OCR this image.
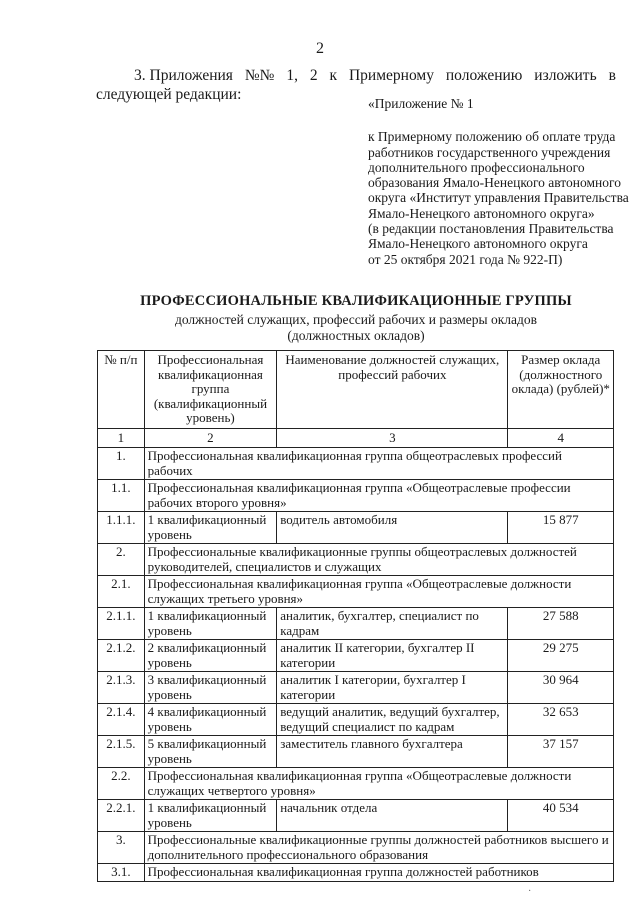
2
3. Приложения №№ 1, 2 к Примерному положению изложить в
следующей редакции:
«Приложение № 1
к Примерному положению об оплате труда
работников государственного учреждения
дополнительного профессионального
образования Ямало-Ненецкого автономного
округа «Институт управления Правительства
Ямало-Ненецкого автономного округа»
(в редакции постановления Правительства
Ямало-Ненецкого автономного округа
от 25 октября 2021 года № 922-П)
ПРОФЕССИОНАЛЬНЫЕ КВАЛИФИКАЦИОННЫЕ ГРУППЫ
должностей служащих, профессий рабочих и размеры окладов
(должностных окладов)
№ п/п	Профессиональная квалификационная группа (квалификационный уровень)	Наименование должностей служащих, профессий рабочих	Размер оклада (должностного оклада) (рублей)*
1	2	3	4
1.	Профессиональная квалификационная группа общеотраслевых профессий рабочих		
1.1.	Профессиональная квалификационная группа «Общеотраслевые профессии рабочих второго уровня»		
1.1.1.	1 квалификационный уровень	водитель автомобиля	15 877
2.	Профессиональные квалификационные группы общеотраслевых должностей руководителей, специалистов и служащих		
2.1.	Профессиональная квалификационная группа «Общеотраслевые должности служащих третьего уровня»		
2.1.1.	1 квалификационный уровень	аналитик, бухгалтер, специалист по кадрам	27 588
2.1.2.	2 квалификационный уровень	аналитик II категории, бухгалтер II категории	29 275
2.1.3.	3 квалификационный уровень	аналитик I категории, бухгалтер I категории	30 964
2.1.4.	4 квалификационный уровень	ведущий аналитик, ведущий бухгалтер, ведущий специалист по кадрам	32 653
2.1.5.	5 квалификационный уровень	заместитель главного бухгалтера	37 157
2.2.	Профессиональная квалификационная группа «Общеотраслевые должности служащих четвертого уровня»		
2.2.1.	1 квалификационный уровень	начальник отдела	40 534
3.	Профессиональные квалификационные группы должностей работников высшего и дополнительного профессионального образования		
3.1.	Профессиональная квалификационная группа должностей работников		
·
